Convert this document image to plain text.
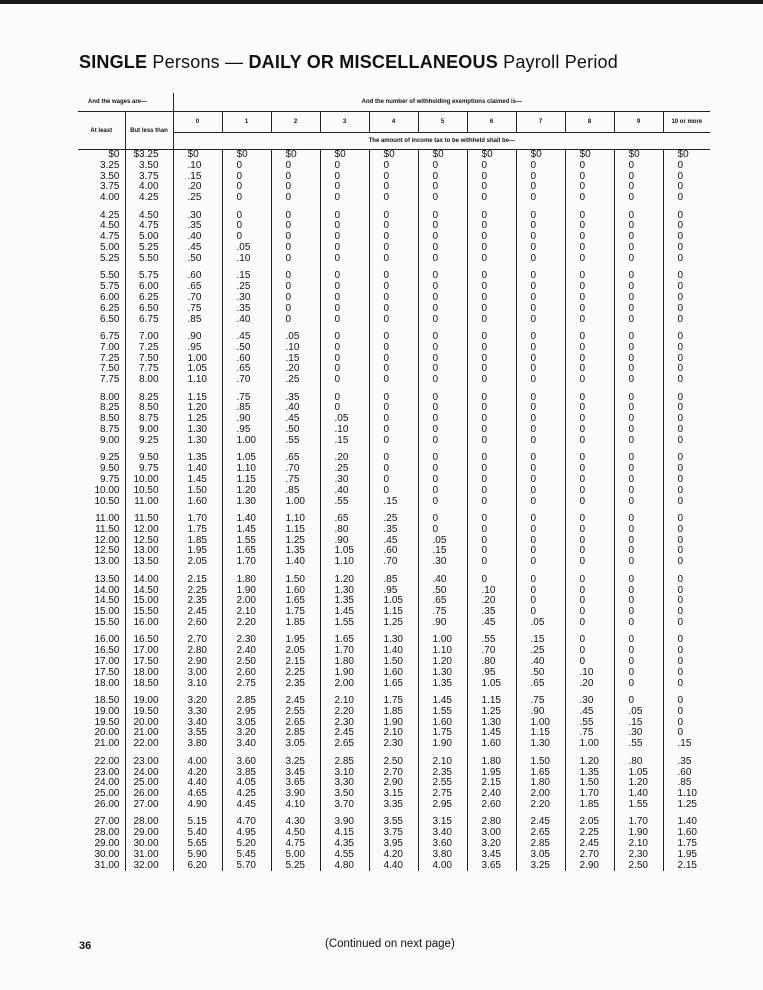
SINGLE Persons — DAILY OR MISCELLANEOUS Payroll Period
And the wages are—		And the number of withholding exemptions claimed is—										
At least	But less than	0	1	2	3	4	5	6	7	8	9	10 or more
		The amount of income tax to be withheld shall be—										
$0	$3.25	$0	$0	$0	$0	$0	$0	$0	$0	$0	$0	$0
3.25	3.50	.10	0	0	0	0	0	0	0	0	0	0
3.50	3.75	.15	0	0	0	0	0	0	0	0	0	0
3.75	4.00	.20	0	0	0	0	0	0	0	0	0	0
4.00	4.25	.25	0	0	0	0	0	0	0	0	0	0

4.25	4.50	.30	0	0	0	0	0	0	0	0	0	0
4.50	4.75	.35	0	0	0	0	0	0	0	0	0	0
4.75	5.00	.40	0	0	0	0	0	0	0	0	0	0
5.00	5.25	.45	.05	0	0	0	0	0	0	0	0	0
5.25	5.50	.50	.10	0	0	0	0	0	0	0	0	0

5.50	5.75	.60	.15	0	0	0	0	0	0	0	0	0
5.75	6.00	.65	.25	0	0	0	0	0	0	0	0	0
6.00	6.25	.70	.30	0	0	0	0	0	0	0	0	0
6.25	6.50	.75	.35	0	0	0	0	0	0	0	0	0
6.50	6.75	.85	.40	0	0	0	0	0	0	0	0	0

6.75	7.00	.90	.45	.05	0	0	0	0	0	0	0	0
7.00	7.25	.95	.50	.10	0	0	0	0	0	0	0	0
7.25	7.50	1.00	.60	.15	0	0	0	0	0	0	0	0
7.50	7.75	1.05	.65	.20	0	0	0	0	0	0	0	0
7.75	8.00	1.10	.70	.25	0	0	0	0	0	0	0	0

8.00	8.25	1.15	.75	.35	0	0	0	0	0	0	0	0
8.25	8.50	1.20	.85	.40	0	0	0	0	0	0	0	0
8.50	8.75	1.25	.90	.45	.05	0	0	0	0	0	0	0
8.75	9.00	1.30	.95	.50	.10	0	0	0	0	0	0	0
9.00	9.25	1.30	1.00	.55	.15	0	0	0	0	0	0	0

9.25	9.50	1.35	1.05	.65	.20	0	0	0	0	0	0	0
9.50	9.75	1.40	1.10	.70	.25	0	0	0	0	0	0	0
9.75	10.00	1.45	1.15	.75	.30	0	0	0	0	0	0	0
10.00	10.50	1.50	1.20	.85	.40	0	0	0	0	0	0	0
10.50	11.00	1.60	1.30	1.00	.55	.15	0	0	0	0	0	0

11.00	11.50	1.70	1.40	1.10	.65	.25	0	0	0	0	0	0
11.50	12.00	1.75	1.45	1.15	.80	.35	0	0	0	0	0	0
12.00	12.50	1.85	1.55	1.25	.90	.45	.05	0	0	0	0	0
12.50	13.00	1.95	1.65	1.35	1.05	.60	.15	0	0	0	0	0
13.00	13.50	2.05	1.70	1.40	1.10	.70	.30	0	0	0	0	0

13.50	14.00	2.15	1.80	1.50	1.20	.85	.40	0	0	0	0	0
14.00	14.50	2.25	1.90	1.60	1.30	.95	.50	.10	0	0	0	0
14.50	15.00	2.35	2.00	1.65	1.35	1.05	.65	.20	0	0	0	0
15.00	15.50	2.45	2.10	1.75	1.45	1.15	.75	.35	0	0	0	0
15.50	16.00	2.60	2.20	1.85	1.55	1.25	.90	.45	.05	0	0	0

16.00	16.50	2.70	2.30	1.95	1.65	1.30	1.00	.55	.15	0	0	0
16.50	17.00	2.80	2.40	2.05	1.70	1.40	1.10	.70	.25	0	0	0
17.00	17.50	2.90	2.50	2.15	1.80	1.50	1.20	.80	.40	0	0	0
17.50	18.00	3.00	2.60	2.25	1.90	1.60	1.30	.95	.50	.10	0	0
18.00	18.50	3.10	2.75	2.35	2.00	1.65	1.35	1.05	.65	.20	0	0

18.50	19.00	3.20	2.85	2.45	2.10	1.75	1.45	1.15	.75	.30	0	0
19.00	19.50	3.30	2.95	2.55	2.20	1.85	1.55	1.25	.90	.45	.05	0
19.50	20.00	3.40	3.05	2.65	2.30	1.90	1.60	1.30	1.00	.55	.15	0
20.00	21.00	3.55	3.20	2.85	2.45	2.10	1.75	1.45	1.15	.75	.30	0
21.00	22.00	3.80	3.40	3.05	2.65	2.30	1.90	1.60	1.30	1.00	.55	.15

22.00	23.00	4.00	3.60	3.25	2.85	2.50	2.10	1.80	1.50	1.20	.80	.35
23.00	24.00	4.20	3.85	3.45	3.10	2.70	2.35	1.95	1.65	1.35	1.05	.60
24.00	25.00	4.40	4.05	3.65	3.30	2.90	2.55	2.15	1.80	1.50	1.20	.85
25.00	26.00	4.65	4.25	3.90	3.50	3.15	2.75	2.40	2.00	1.70	1.40	1.10
26.00	27.00	4.90	4.45	4.10	3.70	3.35	2.95	2.60	2.20	1.85	1.55	1.25

27.00	28.00	5.15	4.70	4.30	3.90	3.55	3.15	2.80	2.45	2.05	1.70	1.40
28.00	29.00	5.40	4.95	4.50	4.15	3.75	3.40	3.00	2.65	2.25	1.90	1.60
29.00	30.00	5.65	5.20	4.75	4.35	3.95	3.60	3.20	2.85	2.45	2.10	1.75
30.00	31.00	5.90	5.45	5.00	4.55	4.20	3.80	3.45	3.05	2.70	2.30	1.95
31.00	32.00	6.20	5.70	5.25	4.80	4.40	4.00	3.65	3.25	2.90	2.50	2.15
36	(Continued on next page)
